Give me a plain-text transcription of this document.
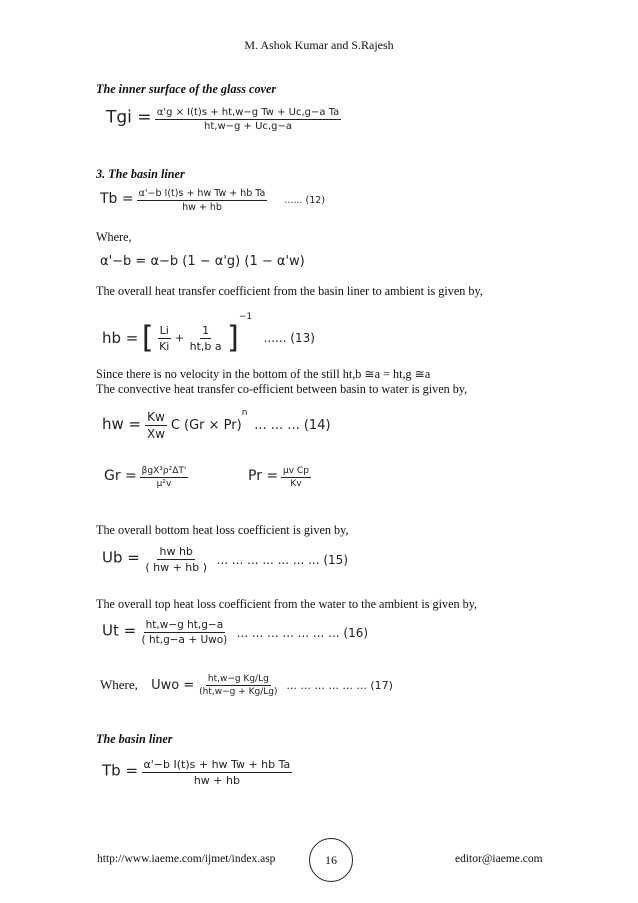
M. Ashok Kumar and S.Rajesh
The inner surface of the glass cover
Tgi = $\frac{\text{α'g × I(t)s + ht,w−g Tw + Uc,g−a Ta}}{ht,w-g + Uc,g-a}$
3. The basin liner
$Tb = \frac{\text{α'−b I(t)s + hw Tw + hb Ta}}{hw + hb}$ ...... (12)
Where,
α'−b = α−b (1 − α'g) (1 − α'w)
The overall heat transfer coefficient from the basin liner to ambient is given by,
hb = [ $\frac{Li}{Ki} + \frac{1}{\text{ht,b a}} ]^{-1}$ ...... (13)
Since there is no velocity in the bottom of the still ht,b ≅a = ht,g ≅a
The convective heat transfer co-efficient between basin to water is given by,
hw = $\frac{Kw}{Xw}$ C $(Gr \times Pr)^n$ ... ... ... (14)
$Gr = \frac{\text{βgX³ρ²ΔT'}}{\text{μ²v}}$	$Pr = \frac{\text{μv Cp}}{Kv}$
The overall bottom heat loss coefficient is given by,
$Ub = \frac{\text{hw hb}}{( hw + hb )}$ ... ... ... ... ... ... ... (15)
The overall top heat loss coefficient from the water to the ambient is given by,
$Ut = \frac{\text{ht,w−g ht,g−a}}{\text{( ht,g−a + Uwo)}}$ ... ... ... ... ... ... ... (16)
Where, Uwo = $\frac{\text{ht,w−g Kg/Lg}}{(ht,w-g + Kg/Lg)}$ ... ... ... ... ... ... (17)
The basin liner
$Tb = \frac{\text{α'−b I(t)s + hw Tw + hb Ta}}{hw + hb}$
http://www.iaeme.com/ijmet/index.asp	16	editor@iaeme.com
